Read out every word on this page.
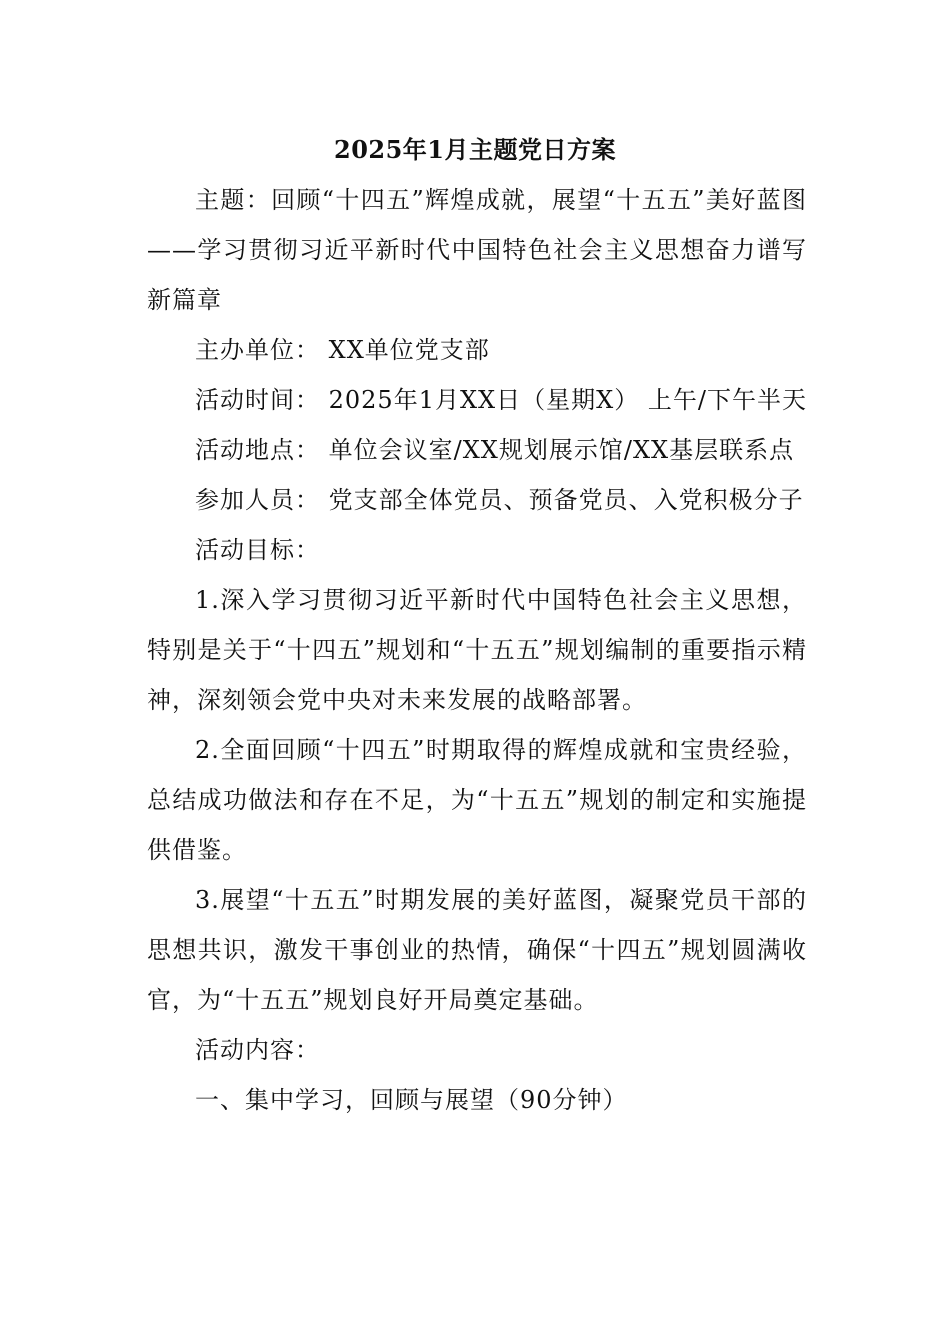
2025年1月主题党日方案

主题：回顾“十四五”辉煌成就，展望“十五五”美好蓝图——学习贯彻习近平新时代中国特色社会主义思想奋力谱写新篇章

主办单位： XX单位党支部

活动时间： 2025年1月XX日（星期X） 上午/下午半天

活动地点： 单位会议室/XX规划展示馆/XX基层联系点

参加人员： 党支部全体党员、预备党员、入党积极分子

活动目标：

1.深入学习贯彻习近平新时代中国特色社会主义思想，特别是关于“十四五”规划和“十五五”规划编制的重要指示精神，深刻领会党中央对未来发展的战略部署。

2.全面回顾“十四五”时期取得的辉煌成就和宝贵经验，总结成功做法和存在不足，为“十五五”规划的制定和实施提供借鉴。

3.展望“十五五”时期发展的美好蓝图，凝聚党员干部的思想共识，激发干事创业的热情，确保“十四五”规划圆满收官，为“十五五”规划良好开局奠定基础。

活动内容：

一、集中学习，回顾与展望（90分钟）
